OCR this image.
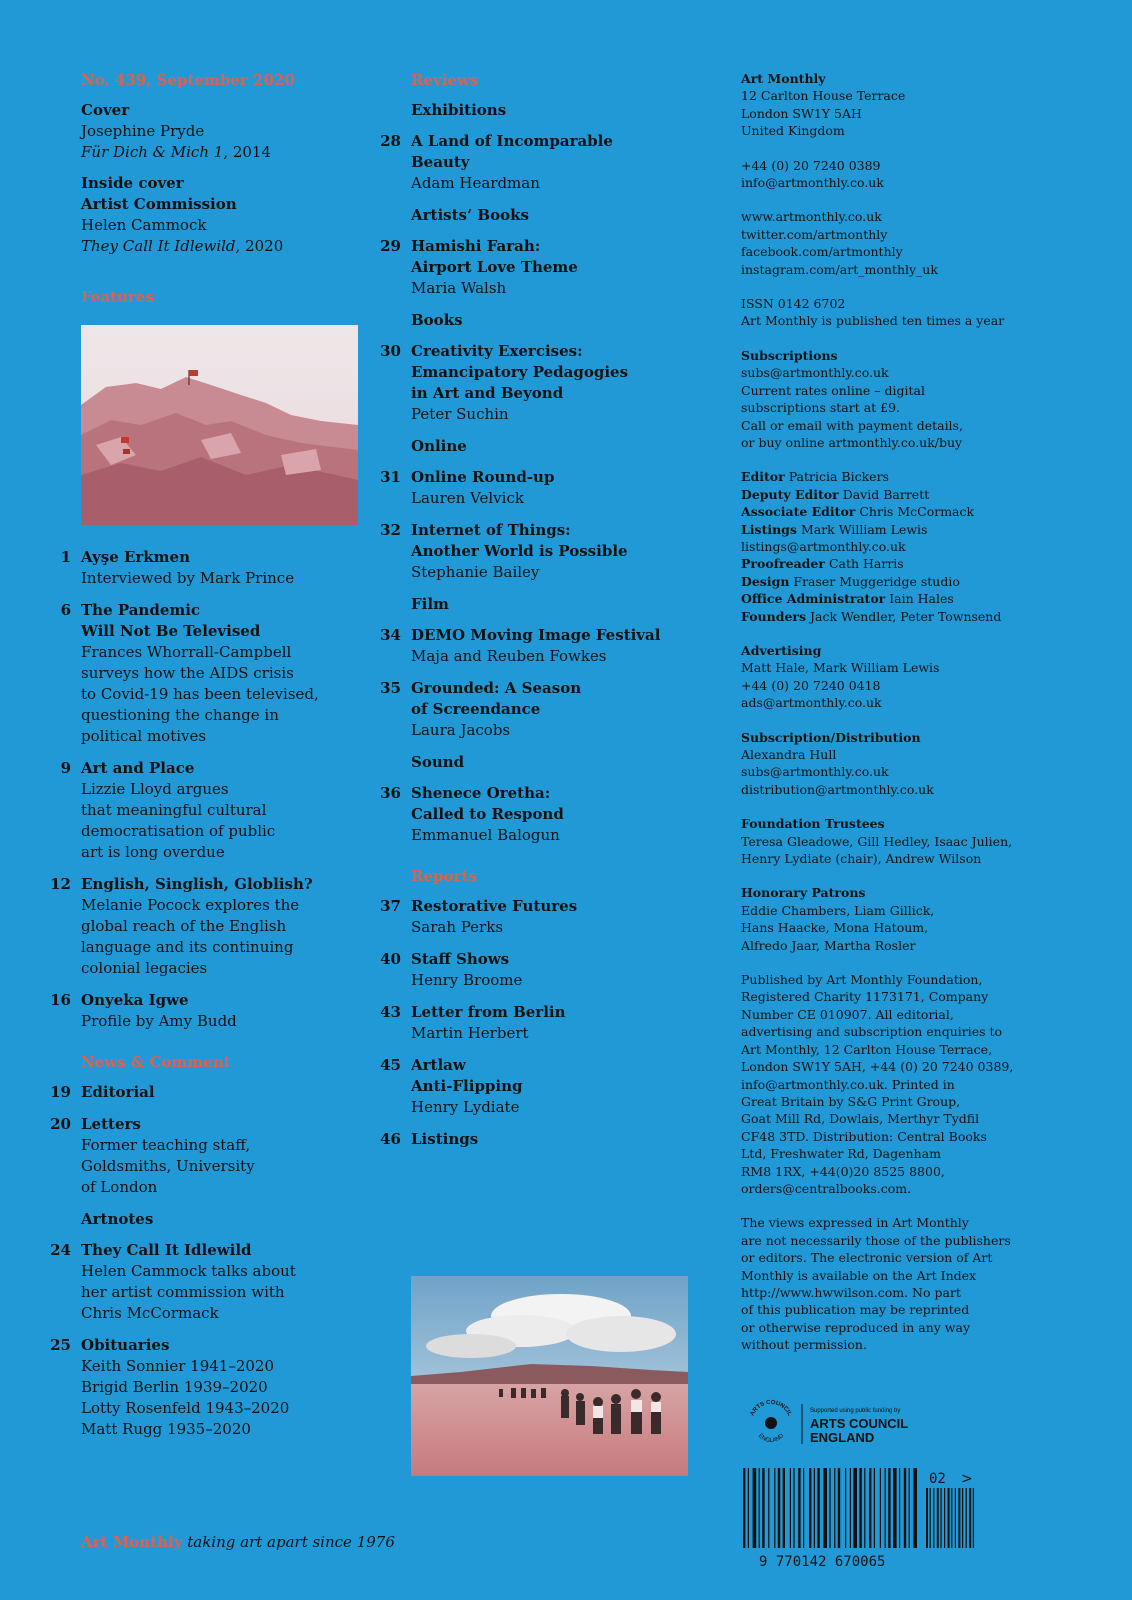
No. 439, September 2020
Cover
Josephine Pryde
Für Dich & Mich 1, 2014
Inside cover
Artist Commission
Helen Cammock
They Call It Idlewild, 2020
Features
1 Ayşe Erkmen
Interviewed by Mark Prince
6 The Pandemic
Will Not Be Televised
Frances Whorrall-Campbell
surveys how the AIDS crisis
to Covid-19 has been televised,
questioning the change in
political motives
9 Art and Place
Lizzie Lloyd argues
that meaningful cultural
democratisation of public
art is long overdue
12 English, Singlish, Globlish?
Melanie Pocock explores the
global reach of the English
language and its continuing
colonial legacies
16 Onyeka Igwe
Profile by Amy Budd
News & Comment
19 Editorial
20 Letters
Former teaching staff,
Goldsmiths, University
of London
Artnotes
24 They Call It Idlewild
Helen Cammock talks about
her artist commission with
Chris McCormack
25 Obituaries
Keith Sonnier 1941–2020
Brigid Berlin 1939–2020
Lotty Rosenfeld 1943–2020
Matt Rugg 1935–2020
Reviews
Exhibitions
28 A Land of Incomparable
Beauty
Adam Heardman
Artists’ Books
29 Hamishi Farah:
Airport Love Theme
Maria Walsh
Books
30 Creativity Exercises:
Emancipatory Pedagogies
in Art and Beyond
Peter Suchin
Online
31 Online Round-up
Lauren Velvick
32 Internet of Things:
Another World is Possible
Stephanie Bailey
Film
34 DEMO Moving Image Festival
Maja and Reuben Fowkes
35 Grounded: A Season
of Screendance
Laura Jacobs
Sound
36 Shenece Oretha:
Called to Respond
Emmanuel Balogun
Reports
37 Restorative Futures
Sarah Perks
40 Staff Shows
Henry Broome
43 Letter from Berlin
Martin Herbert
45 Artlaw
Anti-Flipping
Henry Lydiate
46 Listings
Art Monthly
12 Carlton House Terrace
London SW1Y 5AH
United Kingdom
+44 (0) 20 7240 0389
info@artmonthly.co.uk
www.artmonthly.co.uk
twitter.com/artmonthly
facebook.com/artmonthly
instagram.com/art_monthly_uk
ISSN 0142 6702
Art Monthly is published ten times a year
Subscriptions
subs@artmonthly.co.uk
Current rates online – digital
subscriptions start at £9.
Call or email with payment details,
or buy online artmonthly.co.uk/buy
Editor Patricia Bickers
Deputy Editor David Barrett
Associate Editor Chris McCormack
Listings Mark William Lewis
listings@artmonthly.co.uk
Proofreader Cath Harris
Design Fraser Muggeridge studio
Office Administrator Iain Hales
Founders Jack Wendler, Peter Townsend
Advertising
Matt Hale, Mark William Lewis
+44 (0) 20 7240 0418
ads@artmonthly.co.uk
Subscription/Distribution
Alexandra Hull
subs@artmonthly.co.uk
distribution@artmonthly.co.uk
Foundation Trustees
Teresa Gleadowe, Gill Hedley, Isaac Julien,
Henry Lydiate (chair), Andrew Wilson
Honorary Patrons
Eddie Chambers, Liam Gillick,
Hans Haacke, Mona Hatoum,
Alfredo Jaar, Martha Rosler
Published by Art Monthly Foundation,
Registered Charity 1173171, Company
Number CE 010907. All editorial,
advertising and subscription enquiries to
Art Monthly, 12 Carlton House Terrace,
London SW1Y 5AH, +44 (0) 20 7240 0389,
info@artmonthly.co.uk. Printed in
Great Britain by S&G Print Group,
Goat Mill Rd, Dowlais, Merthyr Tydfil
CF48 3TD. Distribution: Central Books
Ltd, Freshwater Rd, Dagenham
RM8 1RX, +44(0)20 8525 8800,
orders@centralbooks.com.
The views expressed in Art Monthly
are not necessarily those of the publishers
or editors. The electronic version of Art
Monthly is available on the Art Index
http://www.hwwilson.com. No part
of this publication may be reprinted
or otherwise reproduced in any way
without permission.
ARTS COUNCIL
ENGLAND
Supported using public funding by
ARTS COUNCIL
ENGLAND
9 770142 670065
02 >
Art Monthly taking art apart since 1976
